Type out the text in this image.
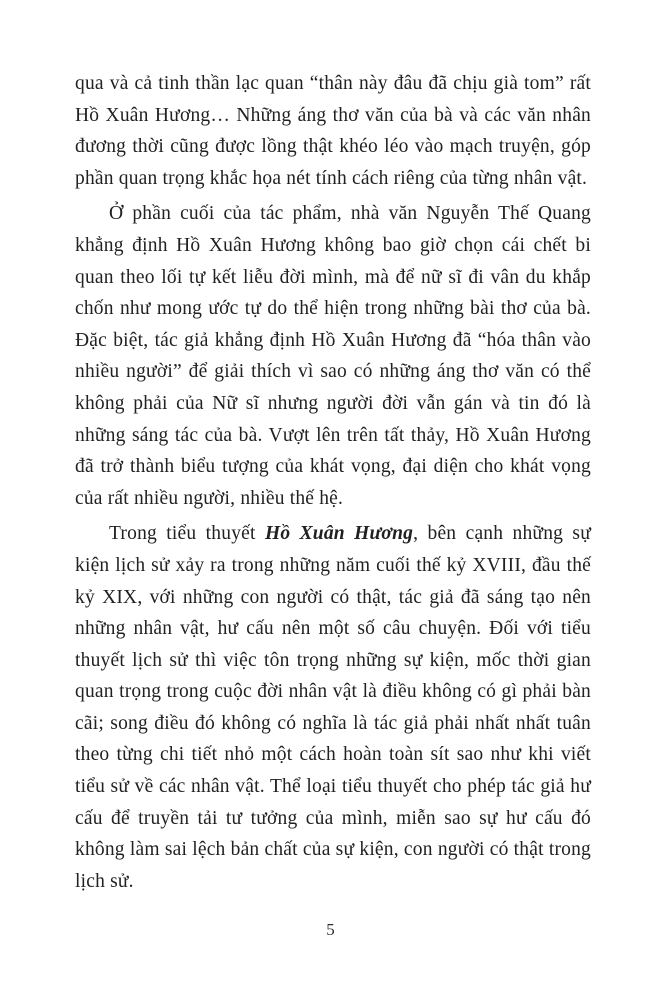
qua và cả tinh thần lạc quan “thân này đâu đã chịu già tom” rất Hồ Xuân Hương… Những áng thơ văn của bà và các văn nhân đương thời cũng được lồng thật khéo léo vào mạch truyện, góp phần quan trọng khắc họa nét tính cách riêng của từng nhân vật.

Ở phần cuối của tác phẩm, nhà văn Nguyễn Thế Quang khẳng định Hồ Xuân Hương không bao giờ chọn cái chết bi quan theo lối tự kết liễu đời mình, mà để nữ sĩ đi vân du khắp chốn như mong ước tự do thể hiện trong những bài thơ của bà. Đặc biệt, tác giả khẳng định Hồ Xuân Hương đã “hóa thân vào nhiều người” để giải thích vì sao có những áng thơ văn có thể không phải của Nữ sĩ nhưng người đời vẫn gán và tin đó là những sáng tác của bà. Vượt lên trên tất thảy, Hồ Xuân Hương đã trở thành biểu tượng của khát vọng, đại diện cho khát vọng của rất nhiều người, nhiều thế hệ.

Trong tiểu thuyết Hồ Xuân Hương, bên cạnh những sự kiện lịch sử xảy ra trong những năm cuối thế kỷ XVIII, đầu thế kỷ XIX, với những con người có thật, tác giả đã sáng tạo nên những nhân vật, hư cấu nên một số câu chuyện. Đối với tiểu thuyết lịch sử thì việc tôn trọng những sự kiện, mốc thời gian quan trọng trong cuộc đời nhân vật là điều không có gì phải bàn cãi; song điều đó không có nghĩa là tác giả phải nhất nhất tuân theo từng chi tiết nhỏ một cách hoàn toàn sít sao như khi viết tiểu sử về các nhân vật. Thể loại tiểu thuyết cho phép tác giả hư cấu để truyền tải tư tưởng của mình, miễn sao sự hư cấu đó không làm sai lệch bản chất của sự kiện, con người có thật trong lịch sử.

5
